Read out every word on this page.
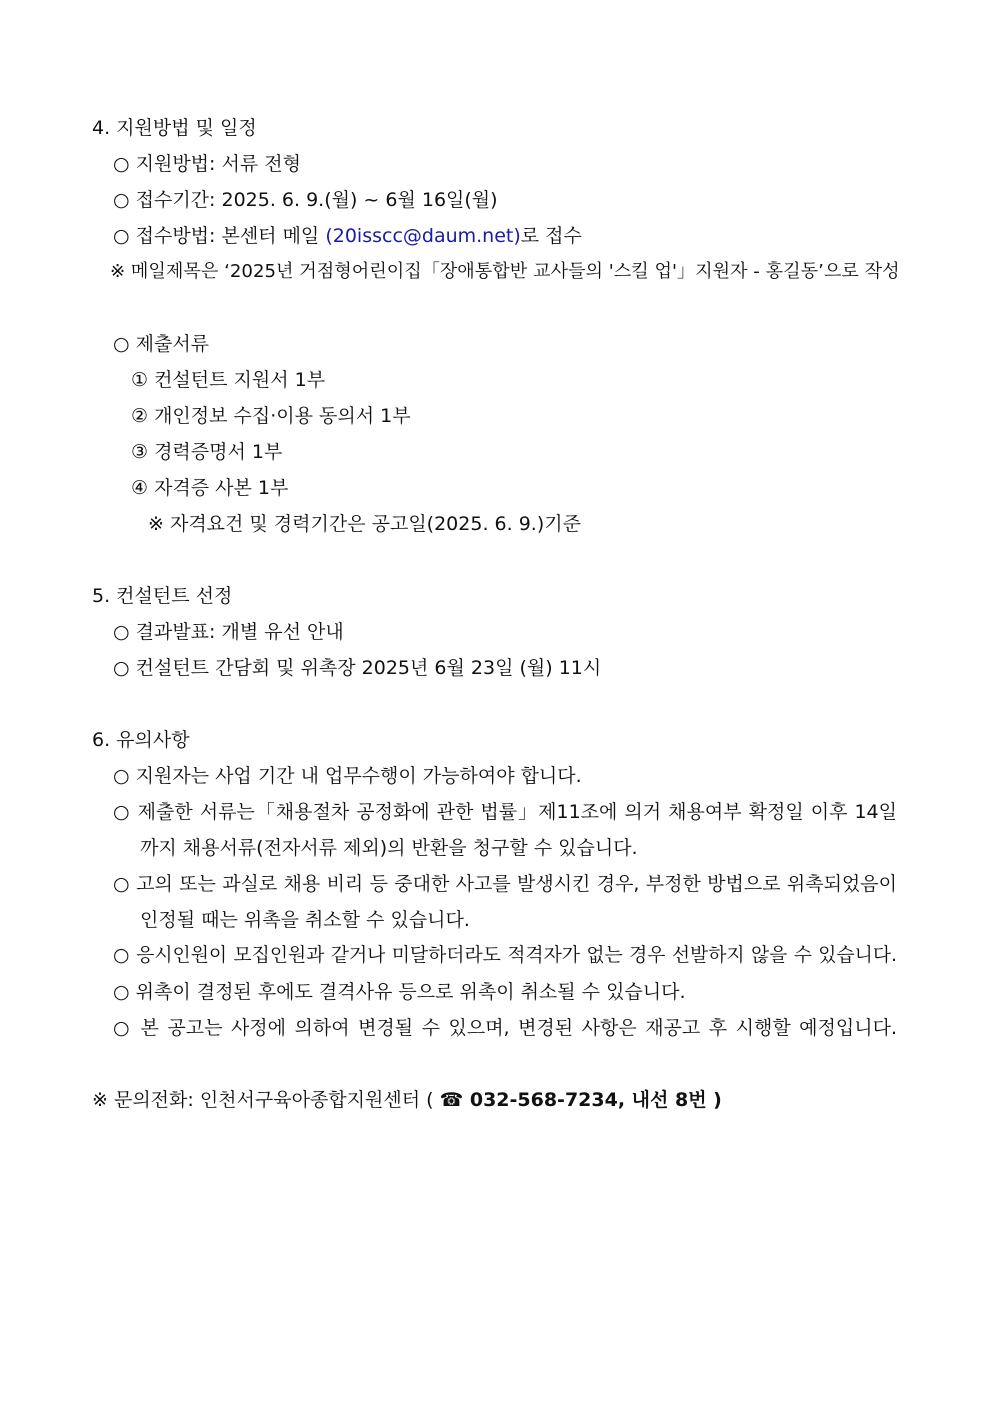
4. 지원방법 및 일정
○ 지원방법: 서류 전형
○ 접수기간: 2025. 6. 9.(월) ~ 6월 16일(월)
○ 접수방법: 본센터 메일 (20isscc@daum.net)로 접수
※ 메일제목은 ‘2025년 거점형어린이집「장애통합반 교사들의 '스킬 업'」지원자 - 홍길동’으로 작성
○ 제출서류
① 컨설턴트 지원서 1부
② 개인정보 수집·이용 동의서 1부
③ 경력증명서 1부
④ 자격증 사본 1부
※ 자격요건 및 경력기간은 공고일(2025. 6. 9.)기준
5. 컨설턴트 선정
○ 결과발표: 개별 유선 안내
○ 컨설턴트 간담회 및 위촉장 2025년 6월 23일 (월) 11시
6. 유의사항
○ 지원자는 사업 기간 내 업무수행이 가능하여야 합니다.
○ 제출한 서류는「채용절차 공정화에 관한 법률」제11조에 의거 채용여부 확정일 이후 14일
까지 채용서류(전자서류 제외)의 반환을 청구할 수 있습니다.
○ 고의 또는 과실로 채용 비리 등 중대한 사고를 발생시킨 경우, 부정한 방법으로 위촉되었음이
인정될 때는 위촉을 취소할 수 있습니다.
○ 응시인원이 모집인원과 같거나 미달하더라도 적격자가 없는 경우 선발하지 않을 수 있습니다.
○ 위촉이 결정된 후에도 결격사유 등으로 위촉이 취소될 수 있습니다.
○ 본 공고는 사정에 의하여 변경될 수 있으며, 변경된 사항은 재공고 후 시행할 예정입니다.
※ 문의전화: 인천서구육아종합지원센터 ( ☎ 032-568-7234, 내선 8번 )
